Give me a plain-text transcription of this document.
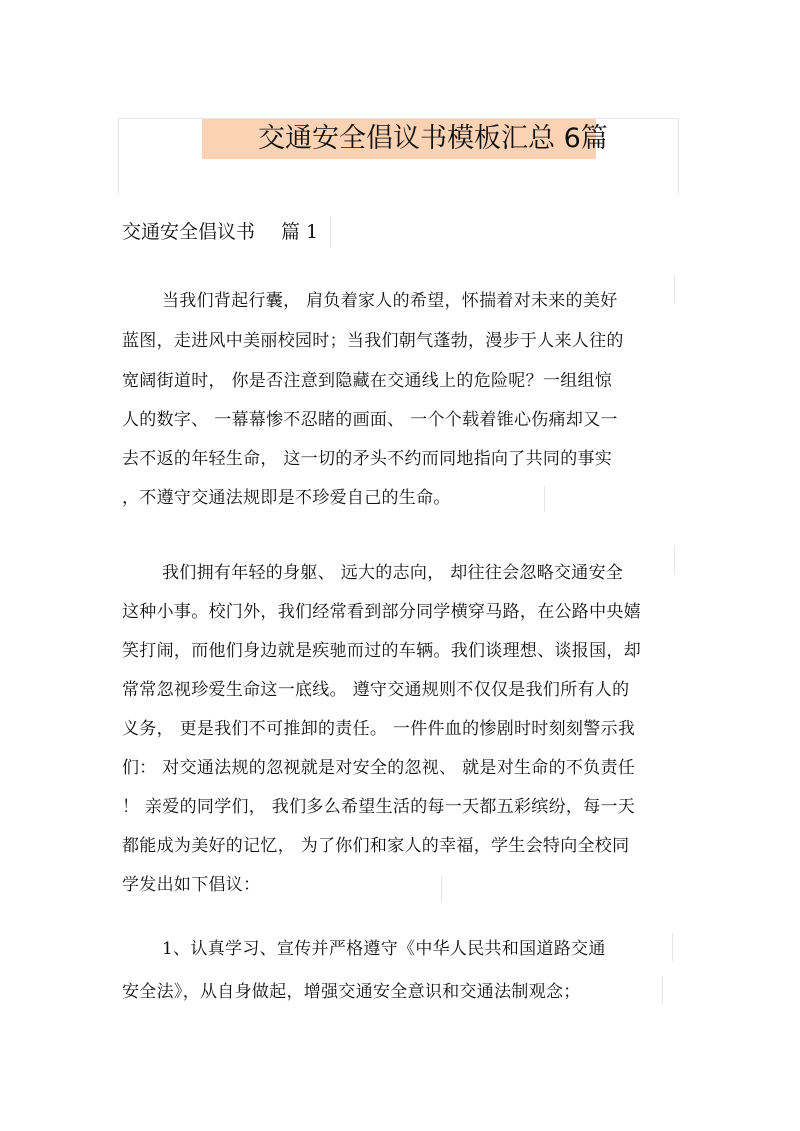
交通安全倡议书模板汇总 6篇
交通安全倡议书 篇 1
当我们背起行囊， 肩负着家人的希望，怀揣着对未来的美好
蓝图，走进风中美丽校园时；当我们朝气蓬勃，漫步于人来人往的
宽阔街道时， 你是否注意到隐藏在交通线上的危险呢？一组组惊
人的数字、 一幕幕惨不忍睹的画面、 一个个载着锥心伤痛却又一
去不返的年轻生命， 这一切的矛头不约而同地指向了共同的事实
，不遵守交通法规即是不珍爱自己的生命。
我们拥有年轻的身躯、 远大的志向， 却往往会忽略交通安全
这种小事。校门外，我们经常看到部分同学横穿马路，在公路中央嬉
笑打闹，而他们身边就是疾驰而过的车辆。我们谈理想、谈报国，却
常常忽视珍爱生命这一底线。 遵守交通规则不仅仅是我们所有人的
义务， 更是我们不可推卸的责任。 一件件血的惨剧时时刻刻警示我
们： 对交通法规的忽视就是对安全的忽视、 就是对生命的不负责任
！ 亲爱的同学们， 我们多么希望生活的每一天都五彩缤纷，每一天
都能成为美好的记忆， 为了你们和家人的幸福，学生会特向全校同
学发出如下倡议：
1、认真学习、宣传并严格遵守《中华人民共和国道路交通
安全法》，从自身做起，增强交通安全意识和交通法制观念；
